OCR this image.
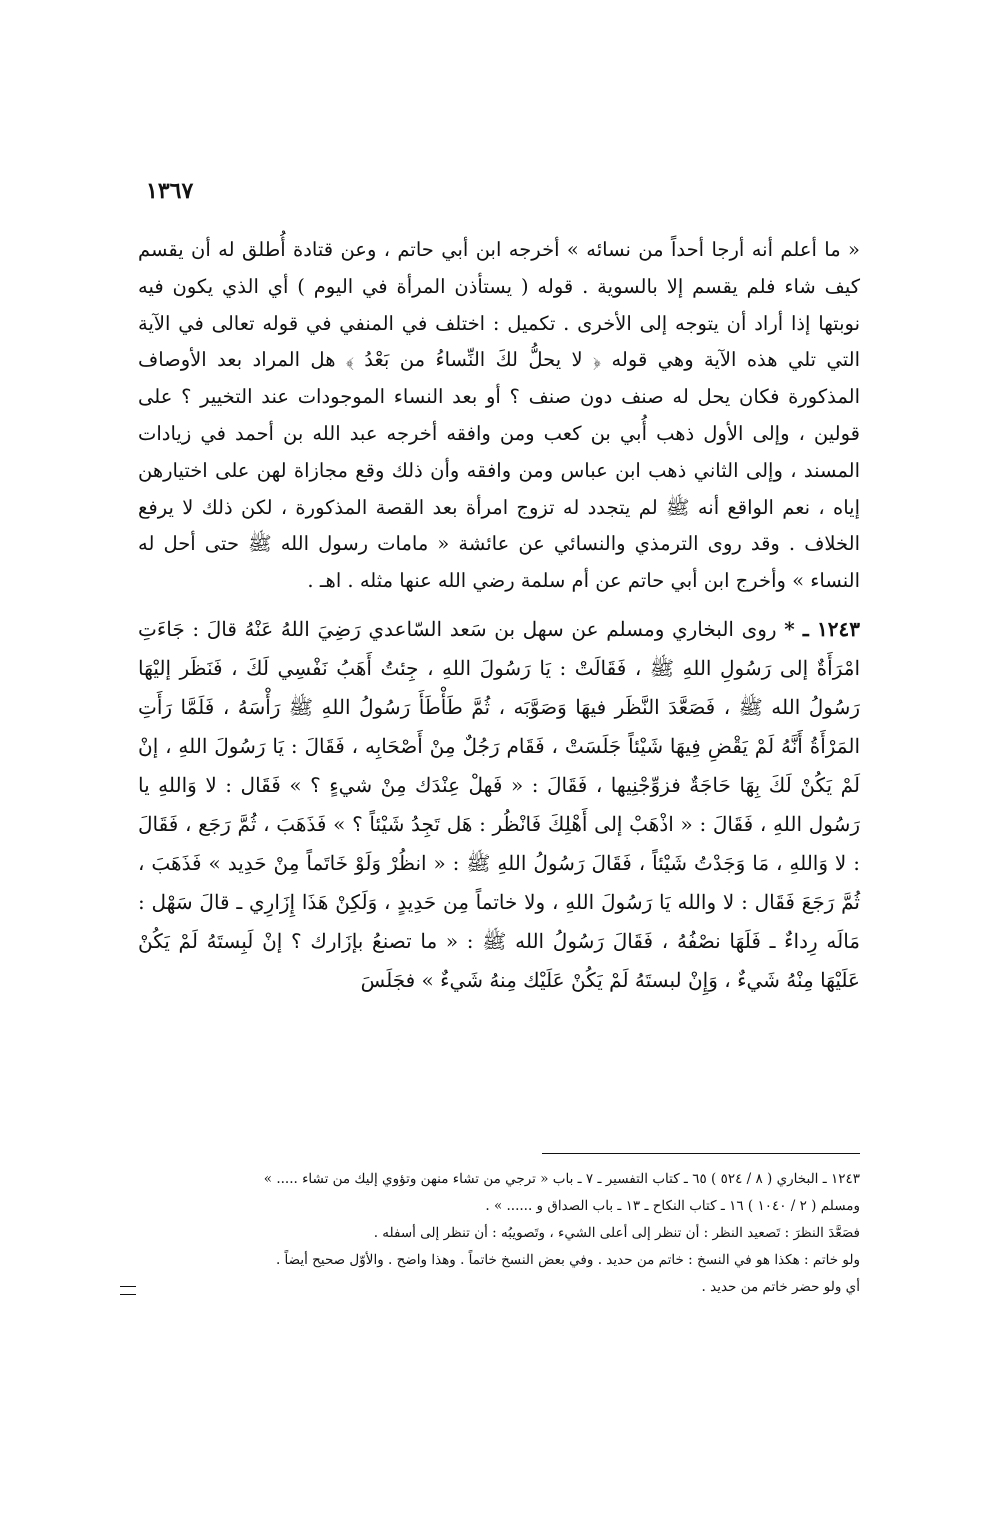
١٣٦٧

« ما أعلم أنه أرجا أحداً من نسائه » أخرجه ابن أبي حاتم ، وعن قتادة أُطلق له أن يقسم كيف شاء فلم يقسم إلا بالسوية . قوله ( يستأذن المرأة في اليوم ) أي الذي يكون فيه نوبتها إذا أراد أن يتوجه إلى الأخرى . تكميل : اختلف في المنفي في قوله تعالى في الآية التي تلي هذه الآية وهي قوله ﴿ لا يحلُّ لكَ النِّساءُ من بَعْدُ ﴾ هل المراد بعد الأوصاف المذكورة فكان يحل له صنف دون صنف ؟ أو بعد النساء الموجودات عند التخيير ؟ على قولين ، وإلى الأول ذهب أُبي بن كعب ومن وافقه أخرجه عبد الله بن أحمد في زيادات المسند ، وإلى الثاني ذهب ابن عباس ومن وافقه وأن ذلك وقع مجازاة لهن على اختيارهن إياه ، نعم الواقع أنه ﷺ لم يتجدد له تزوج امرأة بعد القصة المذكورة ، لكن ذلك لا يرفع الخلاف . وقد روى الترمذي والنسائي عن عائشة « مامات رسول الله ﷺ حتى أحل له النساء » وأخرج ابن أبي حاتم عن أم سلمة رضي الله عنها مثله . اهـ .

١٢٤٣ ـ * روى البخاري ومسلم عن سهل بن سَعد السّاعدي رَضِيَ اللهُ عَنْهُ قالَ : جَاءَتِ امْرَأَةٌ إلى رَسُولِ اللهِ ﷺ ، فَقَالَتْ : يَا رَسُولَ اللهِ ، جِئتُ أَهَبُ نَفْسِي لَكَ ، فَنَظَر إليْهَا رَسُولُ الله ﷺ ، فَصَعَّدَ النَّظَر فيهَا وَصَوَّبَه ، ثُمَّ طَأْطَأَ رَسُولُ اللهِ ﷺ رَأْسَهُ ، فَلَمَّا رَأَتِ المَرْأَةُ أَنَّهُ لَمْ يَقْضِ فِيهَا شَيْئاً جَلَسَتْ ، فَقَام رَجُلٌ مِنْ أَصْحَابِه ، فَقَالَ : يَا رَسُولَ اللهِ ، إنْ لَمْ يَكُنْ لَكَ بِهَا حَاجَةٌ فزوِّجْنِيها ، فَقَالَ : « فَهلْ عِنْدَك مِنْ شيءٍ ؟ » فَقَال : لا وَاللهِ يا رَسُول اللهِ ، فَقَالَ : « اذْهَبْ إلى أَهْلِكَ فَانْظُر : هَل تَجِدُ شَيْئاً ؟ » فَذَهَبَ ، ثُمَّ رَجَع ، فَقَالَ : لا وَاللهِ ، مَا وَجَدْتُ شَيْئاً ، فَقَالَ رَسُولُ اللهِ ﷺ : « انظُرْ وَلَوْ خَاتَماً مِنْ حَدِيد » فَذَهَبَ ، ثُمَّ رَجَعَ فَقَال : لا والله يَا رَسُولَ اللهِ ، ولا خاتماً مِن حَدِيدٍ ، وَلَكِنْ هَذَا إِزَارِي ـ قالَ سَهْل : مَالَه رِداءٌ ـ فَلَهَا نصْفُهُ ، فَقَالَ رَسُولُ الله ﷺ : « ما تصنعُ بإزَارك ؟ إنْ لَبِستَهُ لَمْ يَكُنْ عَلَيْهَا مِنْهُ شَيءٌ ، وَإِنْ لبستَهُ لَمْ يَكُنْ عَلَيْك مِنهُ شَيءٌ » فجَلَسَ

١٢٤٣ ـ البخاري ( ٨ / ٥٢٤ ) ٦٥ ـ كتاب التفسير ـ ٧ ـ باب « ترجي من تشاء منهن وتؤوي إليك من تشاء ..... »

ومسلم ( ٢ / ١٠٤٠ ) ١٦ ـ كتاب النكاح ـ ١٣ ـ باب الصداق و ...... » .

فصَعَّدَ النظرَ : تَصعيد النظر : أن تنظر إلى أعلى الشيء ، وتَصويبُه : أن تنظر إلى أسفله .

ولو خاتم : هكذا هو في النسخ : خاتم من حديد . وفي بعض النسخ خاتماً . وهذا واضح . والأوّل صحيح أيضاً .

أي ولو حضر خاتم من حديد .
